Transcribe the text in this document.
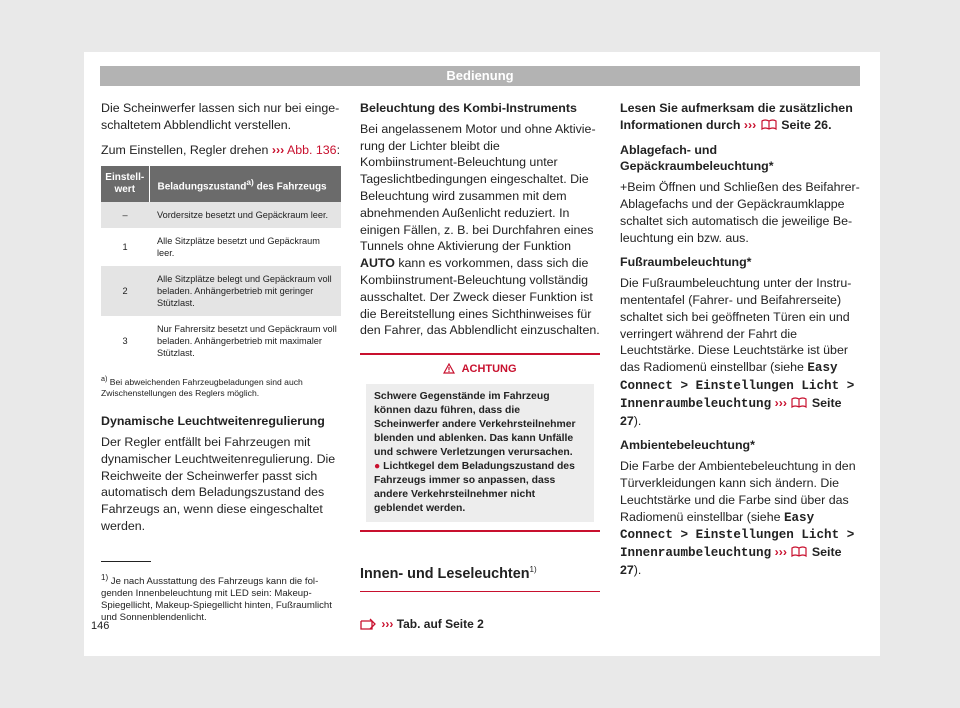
Bedienung

Die Scheinwerfer lassen sich nur bei eingeschaltetem Abblendlicht verstellen.

Zum Einstellen, Regler drehen ››› Abb. 136:

Einstell-wert	Beladungszustand$^{a)}$ des Fahrzeugs
–	Vordersitze besetzt und Gepäckraum leer.
1	Alle Sitzplätze besetzt und Gepäckraum leer.
2	Alle Sitzplätze belegt und Gepäckraum voll beladen. Anhängerbetrieb mit geringer Stützlast.
3	Nur Fahrersitz besetzt und Gepäckraum voll beladen. Anhängerbetrieb mit maximaler Stützlast.
$^{a)}$ Bei abweichenden Fahrzeugbeladungen sind auch Zwischenstellungen des Reglers möglich.
Dynamische Leuchtweitenregulierung

Der Regler entfällt bei Fahrzeugen mit dynamischer Leuchtweitenregulierung. Die Reichweite der Scheinwerfer passt sich automatisch dem Beladungszustand des Fahrzeugs an, wenn diese eingeschaltet werden.

Beleuchtung des Kombi-Instruments

Bei angelassenem Motor und ohne Aktivierung der Lichter bleibt die Kombiinstrument-Beleuchtung unter Tageslichtbedingungen eingeschaltet. Die Beleuchtung wird zusammen mit dem abnehmenden Außenlicht reduziert. In einigen Fällen, z. B. bei Durchfahren eines Tunnels ohne Aktivierung der Funktion AUTO kann es vorkommen, dass sich die Kombiinstrument-Beleuchtung vollständig ausschaltet. Der Zweck dieser Funktion ist die Bereitstellung eines Sichthinweises für den Fahrer, das Abblendlicht einzuschalten.

ACHTUNG
Schwere Gegenstände im Fahrzeug können dazu führen, dass die Scheinwerfer andere Verkehrsteilnehmer blenden und ablenken. Das kann Unfälle und schwere Verletzungen verursachen.
● Lichtkegel dem Beladungszustand des Fahrzeugs immer so anpassen, dass andere Verkehrsteilnehmer nicht geblendet werden.
Innen- und Leseleuchten$^{1)}$
››› Tab. auf Seite 2

Lesen Sie aufmerksam die zusätzlichen Informationen durch ››› Seite 26.

Ablagefach- und Gepäckraumbeleuchtung*

+Beim Öffnen und Schließen des Beifahrer-Ablagefachs und der Gepäckraumklappe schaltet sich automatisch die jeweilige Beleuchtung ein bzw. aus.

Fußraumbeleuchtung*

Die Fußraumbeleuchtung unter der Instrumententafel (Fahrer- und Beifahrerseite) schaltet sich bei geöffneten Türen ein und verringert während der Fahrt die Leuchtstärke. Diese Leuchtstärke ist über das Radiomenü einstellbar (siehe Easy Connect > Einstellungen Licht > Innenraumbeleuchtung ››› Seite 27).

Ambientebeleuchtung*

Die Farbe der Ambientebeleuchtung in den Türverkleidungen kann sich ändern. Die Leuchtstärke und die Farbe sind über das Radiomenü einstellbar (siehe Easy Connect > Einstellungen Licht > Innenraumbeleuchtung ››› Seite 27).

$^{1)}$ Je nach Ausstattung des Fahrzeugs kann die folgenden Innenbeleuchtung mit LED sein: Makeup-Spiegellicht, Makeup-Spiegellicht hinten, Fußraumlicht und Sonnenblendenlicht.
146
